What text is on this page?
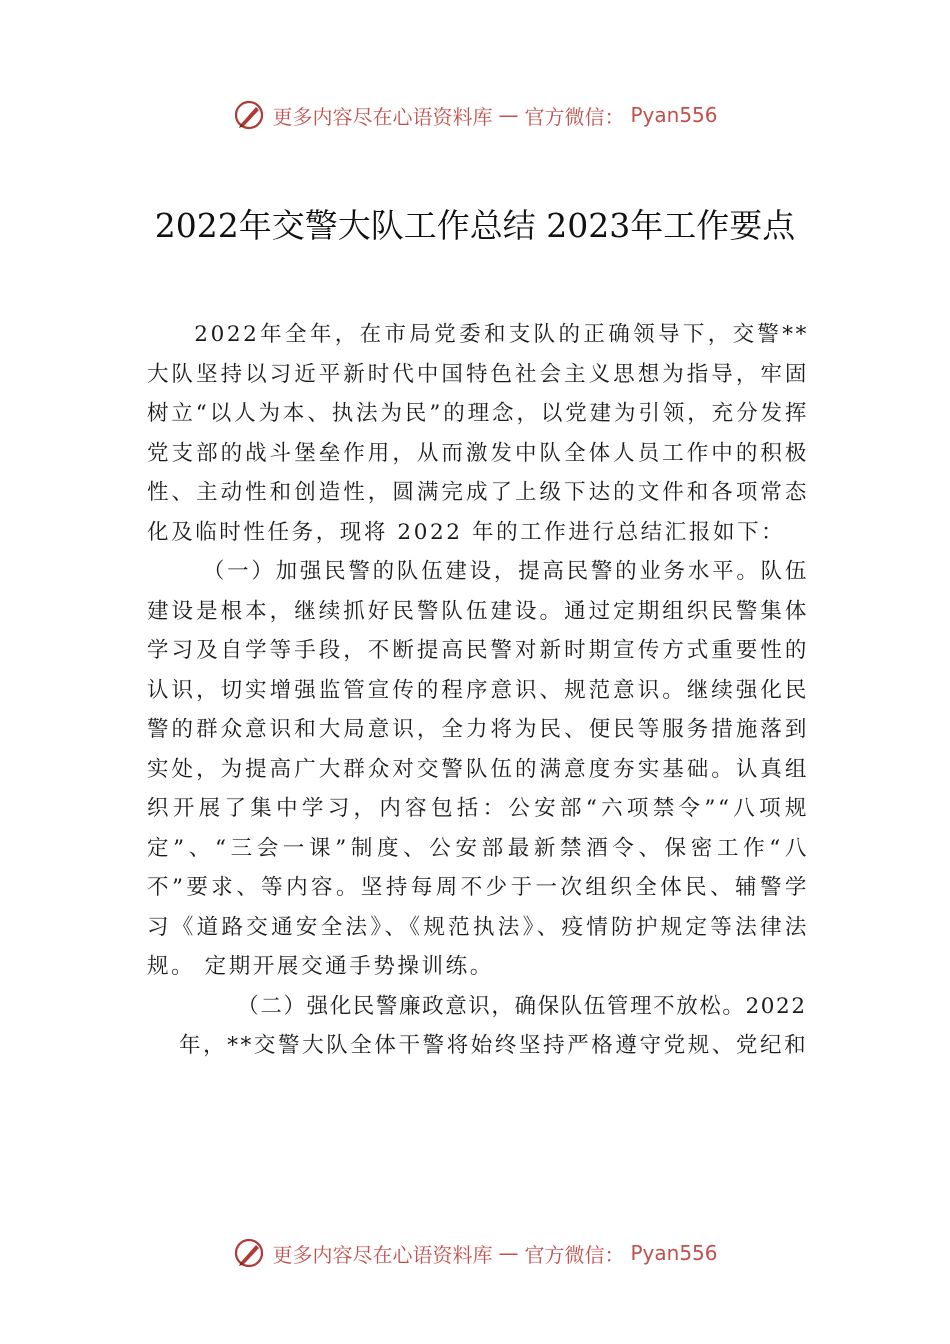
更多内容尽在心语资料库 — 官方微信： Pyan556
2022年交警大队工作总结 2023年工作要点

2022年全年，在市局党委和支队的正确领导下，交警**大队坚持以习近平新时代中国特色社会主义思想为指导，牢固树立“以人为本、执法为民”的理念，以党建为引领，充分发挥党支部的战斗堡垒作用，从而激发中队全体人员工作中的积极性、主动性和创造性，圆满完成了上级下达的文件和各项常态化及临时性任务，现将 2022 年的工作进行总结汇报如下：

（一）加强民警的队伍建设，提高民警的业务水平。队伍建设是根本，继续抓好民警队伍建设。通过定期组织民警集体学习及自学等手段，不断提高民警对新时期宣传方式重要性的认识，切实增强监管宣传的程序意识、规范意识。继续强化民警的群众意识和大局意识，全力将为民、便民等服务措施落到实处，为提高广大群众对交警队伍的满意度夯实基础。认真组织开展了集中学习，内容包括：公安部“六项禁令”“八项规定”、“三会一课”制度、公安部最新禁酒令、保密工作“八不”要求、等内容。坚持每周不少于一次组织全体民、辅警学习《道路交通安全法》、《规范执法》、疫情防护规定等法律法规。 定期开展交通手势操训练。

（二）强化民警廉政意识，确保队伍管理不放松。2022

年，**交警大队全体干警将始终坚持严格遵守党规、党纪和

更多内容尽在心语资料库 — 官方微信： Pyan556
